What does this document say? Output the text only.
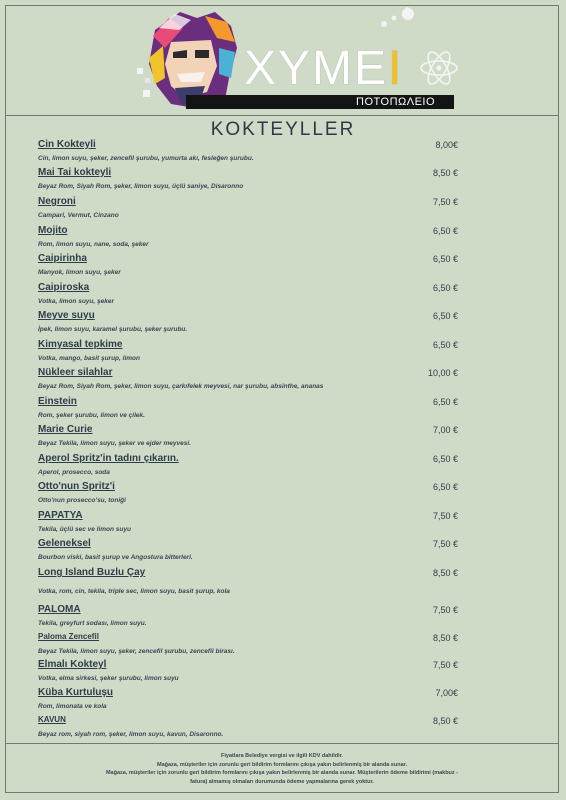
XYMEI
ΠΟΤΟΠΩΛΕΙΟ
KOKTEYLLER
Cin Kokteyli	8,00€
Cin, limon suyu, şeker, zencefil şurubu, yumurta akı, fesleğen şurubu.
Mai Tai kokteyli	8,50 €
Beyaz Rom, Siyah Rom, şeker, limon suyu, üçlü saniye, Disaronno
Negroni	7,50 €
Campari, Vermut, Cinzano
Mojito	6,50 €
Rom, limon suyu, nane, soda, şeker
Caipirinha	6,50 €
Manyok, limon suyu, şeker
Caipiroska	6,50 €
Votka, limon suyu, şeker
Meyve suyu	6,50 €
İpek, limon suyu, karamel şurubu, şeker şurubu.
Kimyasal tepkime	6,50 €
Votka, mango, basit şurup, limon
Nükleer silahlar	10,00 €
Beyaz Rom, Siyah Rom, şeker, limon suyu, çarkıfelek meyvesi, nar şurubu, absinthe, ananas
Einstein	6,50 €
Rom, şeker şurubu, limon ve çilek.
Marie Curie	7,00 €
Beyaz Tekila, limon suyu, şeker ve ejder meyvesi.
Aperol Spritz'in tadını çıkarın.	6,50 €
Aperol, prosecco, soda
Otto'nun Spritz'i	6,50 €
Otto'nun prosecco'su, toniği
PAPATYA	7,50 €
Tekila, üçlü sec ve limon suyu
Geleneksel	7,50 €
Bourbon viski, basit şurup ve Angostura bitterleri.
Long Island Buzlu Çay	8,50 €
Votka, rom, cin, tekila, triple sec, limon suyu, basit şurup, kola
PALOMA	7,50 €
Tekila, greyfurt sodası, limon suyu.
Paloma Zencefil	8,50 €
Beyaz Tekila, limon suyu, şeker, zencefil şurubu, zencefil birası.
Elmalı Kokteyl	7,50 €
Votka, elma sirkesi, şeker şurubu, limon suyu
Küba Kurtuluşu	7,00€
Rom, limonata ve kola
KAVUN	8,50 €
Beyaz rom, siyah rom, şeker, limon suyu, kavun, Disaronno.
Fiyatlara Belediye vergisi ve ilgili KDV dahildir.
Mağaza, müşteriler için zorunlu geri bildirim formlarını çıkışa yakın belirlenmiş bir alanda sunar.
Mağaza, müşteriler için zorunlu geri bildirim formlarını çıkışa yakın belirlenmiş bir alanda sunar. Müşterilerin ödeme bildirimi (makbuz -
fatura) almamış olmaları durumunda ödeme yapmalarına gerek yoktur.
